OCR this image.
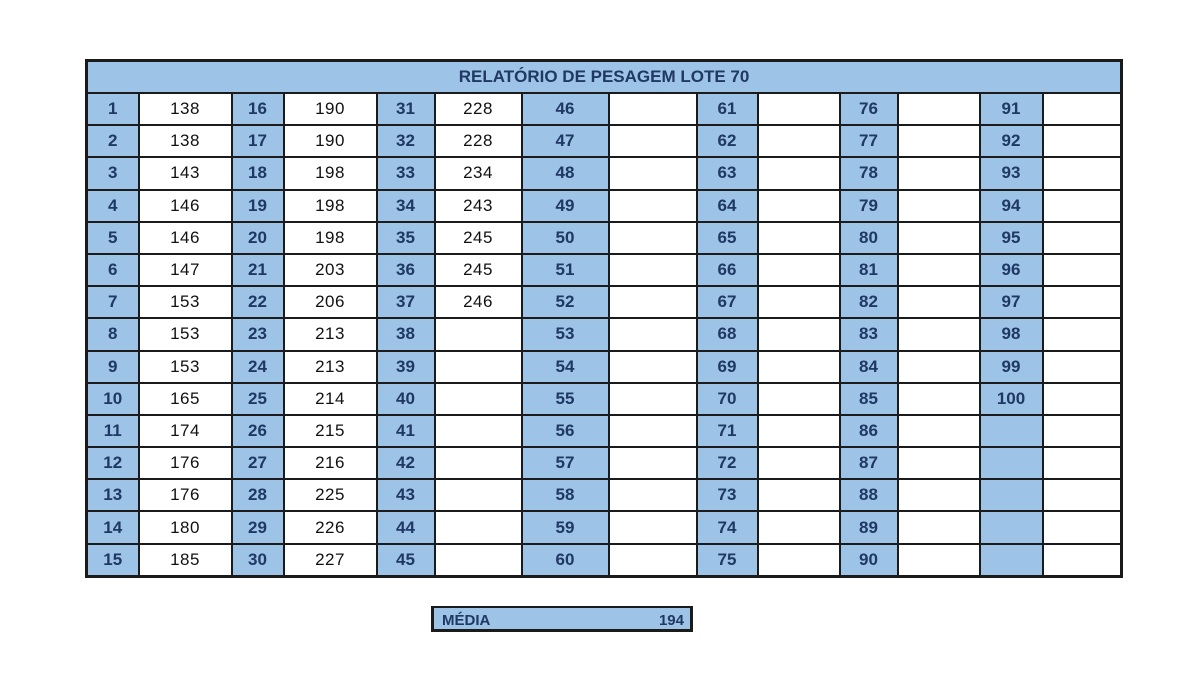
RELATÓRIO DE PESAGEM LOTE 70													
1	138	16	190	31	228	46		61		76		91	
2	138	17	190	32	228	47		62		77		92	
3	143	18	198	33	234	48		63		78		93	
4	146	19	198	34	243	49		64		79		94	
5	146	20	198	35	245	50		65		80		95	
6	147	21	203	36	245	51		66		81		96	
7	153	22	206	37	246	52		67		82		97	
8	153	23	213	38		53		68		83		98	
9	153	24	213	39		54		69		84		99	
10	165	25	214	40		55		70		85		100	
11	174	26	215	41		56		71		86			
12	176	27	216	42		57		72		87			
13	176	28	225	43		58		73		88			
14	180	29	226	44		59		74		89			
15	185	30	227	45		60		75		90			
MÉDIA	194
